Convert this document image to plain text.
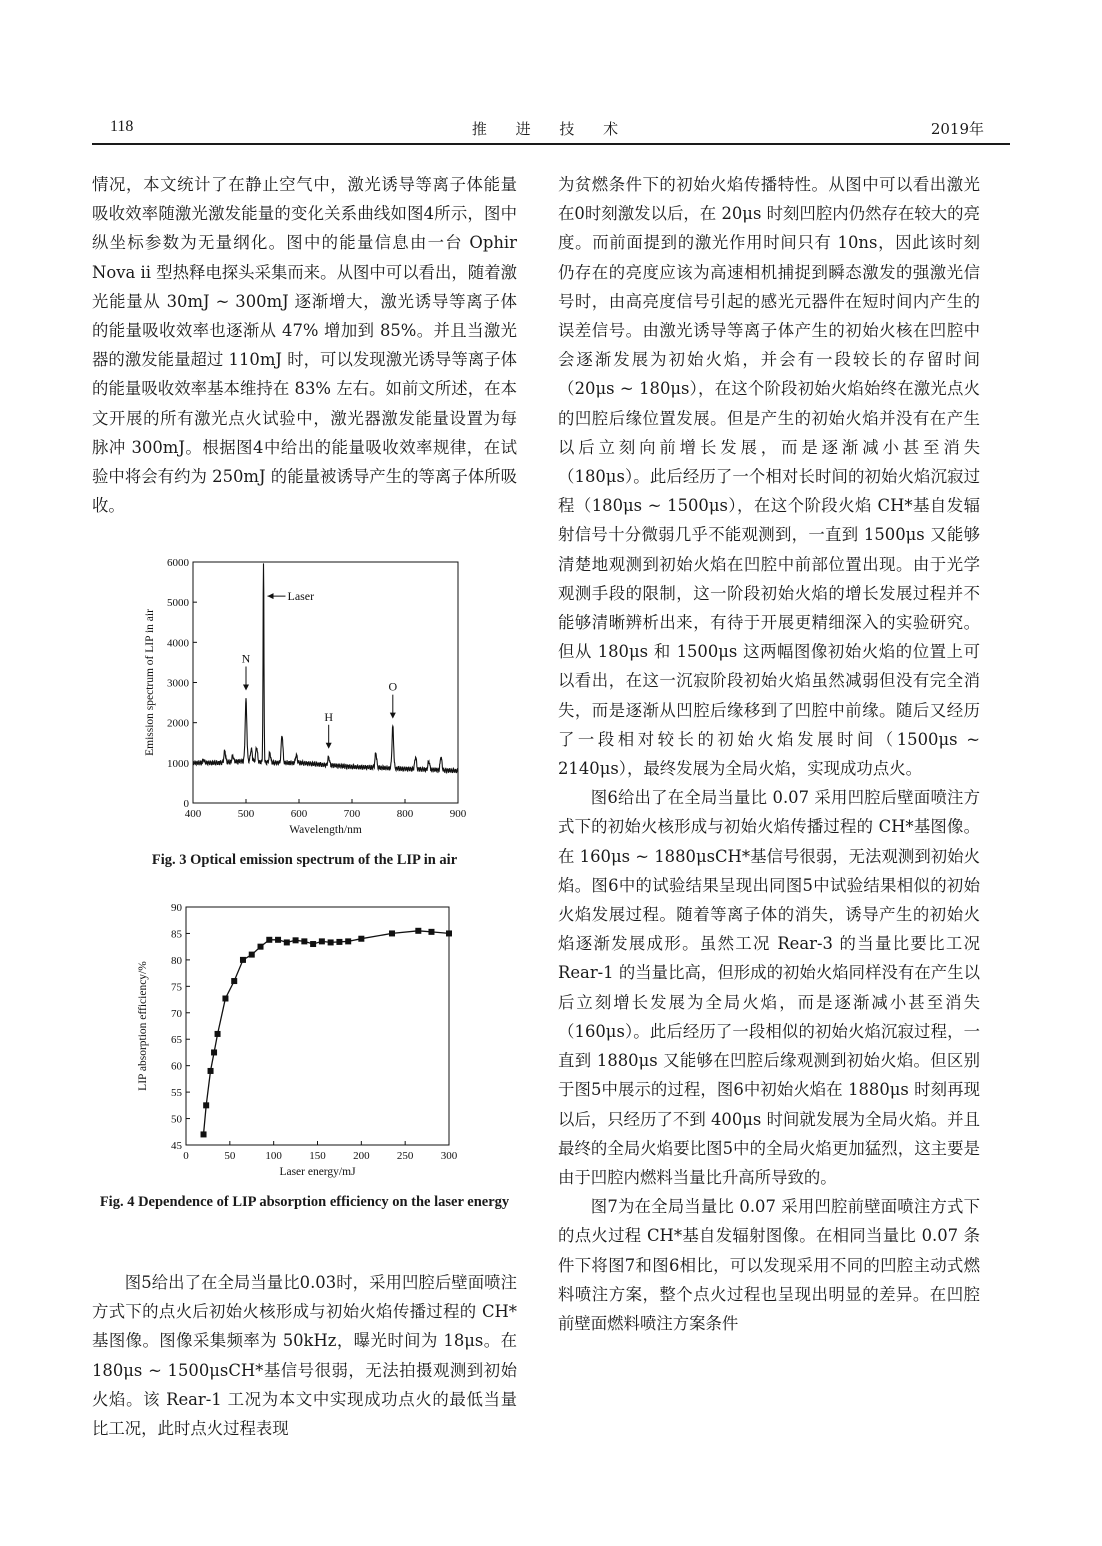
118	推 进 技 术	2019年

情况，本文统计了在静止空气中，激光诱导等离子体能量吸收效率随激光激发能量的变化关系曲线如图4所示，图中纵坐标参数为无量纲化。图中的能量信息由一台 Ophir Nova ii 型热释电探头采集而来。从图中可以看出，随着激光能量从 30mJ ~ 300mJ 逐渐增大，激光诱导等离子体的能量吸收效率也逐渐从 47% 增加到 85%。并且当激光器的激发能量超过 110mJ 时，可以发现激光诱导等离子体的能量吸收效率基本维持在 83% 左右。如前文所述，在本文开展的所有激光点火试验中，激光器激发能量设置为每脉冲 300mJ。根据图4中给出的能量吸收效率规律，在试验中将会有约为 250mJ 的能量被诱导产生的等离子体所吸收。

400	500	600	700	800	900
0
1000
2000
3000
4000
5000
6000
Wavelength/nm
Emission spectrum of LIP in air
Laser
N
H
O
Fig. 3 Optical emission spectrum of the LIP in air
0	50	100 150 200 250 300
45
50
55
60
65
70
75
80
85
90
Laser energy/mJ
LIP absorption efficiency/%
Fig. 4 Dependence of LIP absorption efficiency on the laser energy

图5给出了在全局当量比0.03时，采用凹腔后壁面喷注方式下的点火后初始火核形成与初始火焰传播过程的 CH*基图像。图像采集频率为 50kHz，曝光时间为 18μs。在 180μs ~ 1500μsCH*基信号很弱，无法拍摄观测到初始火焰。该 Rear-1 工况为本文中实现成功点火的最低当量比工况，此时点火过程表现

为贫燃条件下的初始火焰传播特性。从图中可以看出激光在0时刻激发以后，在 20μs 时刻凹腔内仍然存在较大的亮度。而前面提到的激光作用时间只有 10ns，因此该时刻仍存在的亮度应该为高速相机捕捉到瞬态激发的强激光信号时，由高亮度信号引起的感光元器件在短时间内产生的误差信号。由激光诱导等离子体产生的初始火核在凹腔中会逐渐发展为初始火焰，并会有一段较长的存留时间（20μs ~ 180μs），在这个阶段初始火焰始终在激光点火的凹腔后缘位置发展。但是产生的初始火焰并没有在产生以后立刻向前增长发展，而是逐渐减小甚至消失（180μs）。此后经历了一个相对长时间的初始火焰沉寂过程（180μs ~ 1500μs），在这个阶段火焰 CH*基自发辐射信号十分微弱几乎不能观测到，一直到 1500μs 又能够清楚地观测到初始火焰在凹腔中前部位置出现。由于光学观测手段的限制，这一阶段初始火焰的增长发展过程并不能够清晰辨析出来，有待于开展更精细深入的实验研究。但从 180μs 和 1500μs 这两幅图像初始火焰的位置上可以看出，在这一沉寂阶段初始火焰虽然减弱但没有完全消失，而是逐渐从凹腔后缘移到了凹腔中前缘。随后又经历了一段相对较长的初始火焰发展时间（1500μs ~ 2140μs），最终发展为全局火焰，实现成功点火。

图6给出了在全局当量比 0.07 采用凹腔后壁面喷注方式下的初始火核形成与初始火焰传播过程的 CH*基图像。在 160μs ~ 1880μsCH*基信号很弱，无法观测到初始火焰。图6中的试验结果呈现出同图5中试验结果相似的初始火焰发展过程。随着等离子体的消失，诱导产生的初始火焰逐渐发展成形。虽然工况 Rear-3 的当量比要比工况 Rear-1 的当量比高，但形成的初始火焰同样没有在产生以后立刻增长发展为全局火焰，而是逐渐减小甚至消失（160μs）。此后经历了一段相似的初始火焰沉寂过程，一直到 1880μs 又能够在凹腔后缘观测到初始火焰。但区别于图5中展示的过程，图6中初始火焰在 1880μs 时刻再现以后，只经历了不到 400μs 时间就发展为全局火焰。并且最终的全局火焰要比图5中的全局火焰更加猛烈，这主要是由于凹腔内燃料当量比升高所导致的。

图7为在全局当量比 0.07 采用凹腔前壁面喷注方式下的点火过程 CH*基自发辐射图像。在相同当量比 0.07 条件下将图7和图6相比，可以发现采用不同的凹腔主动式燃料喷注方案，整个点火过程也呈现出明显的差异。在凹腔前壁面燃料喷注方案条件
